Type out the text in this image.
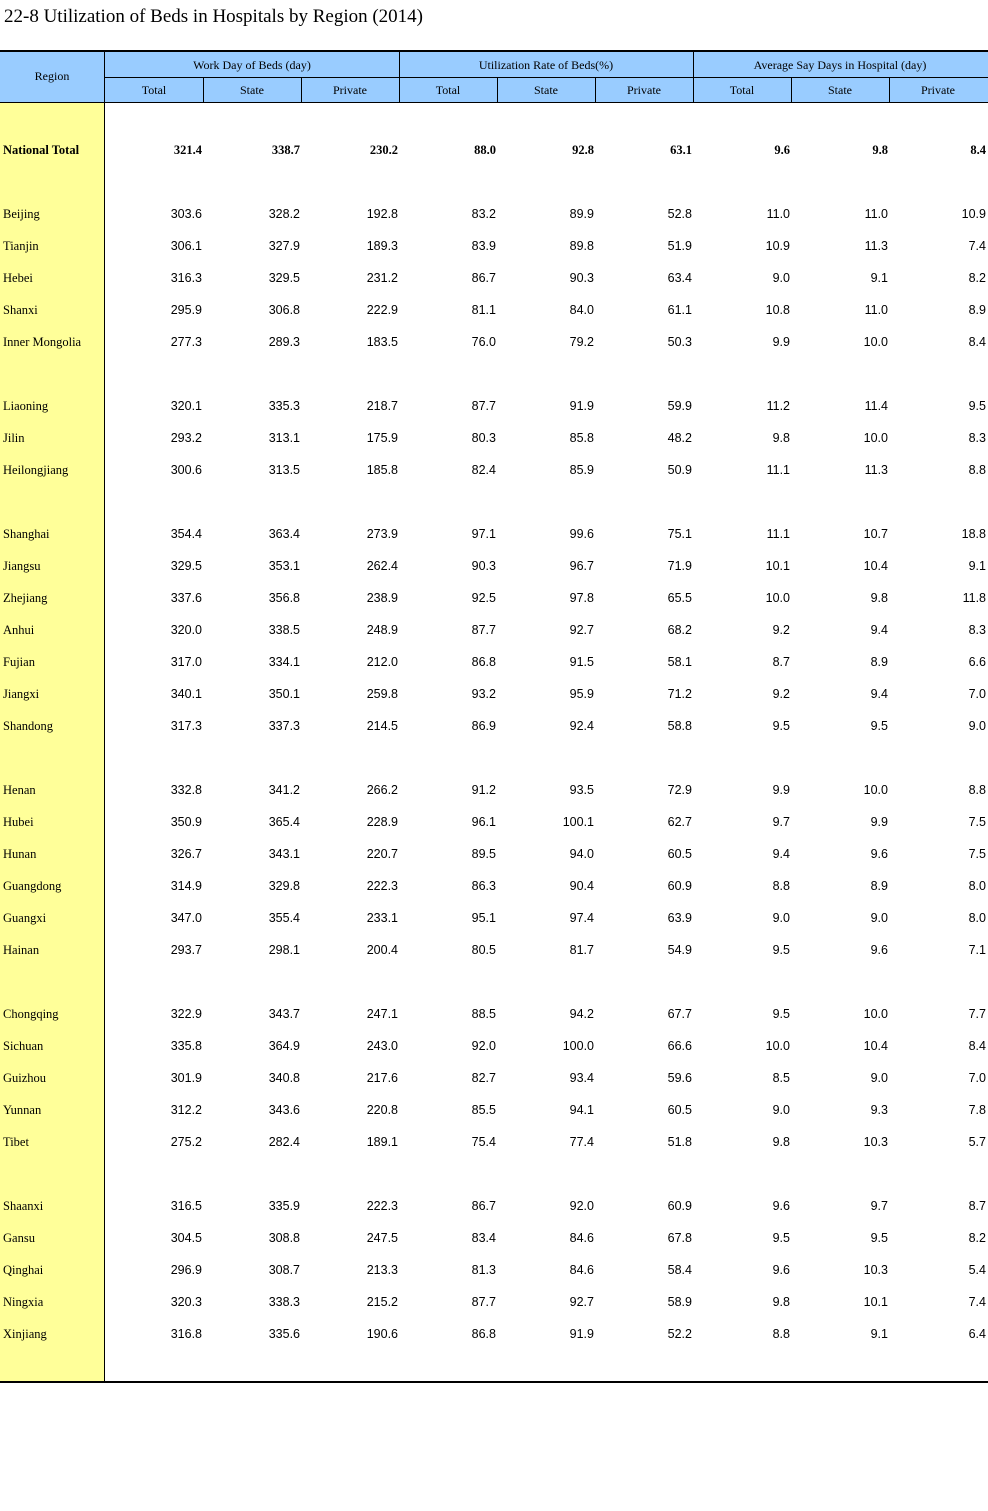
22-8 Utilization of Beds in Hospitals by Region (2014)
Region
Work Day of Beds (day)	Utilization Rate of Beds(%)	Average Say Days in Hospital (day)
Total	State	Private	Total	State	Private	Total	State	Private
National Total	321.4	338.7	230.2	88.0	92.8	63.1	9.6	9.8	8.4
Beijing	303.6	328.2	192.8	83.2	89.9	52.8	11.0	11.0	10.9
Tianjin	306.1	327.9	189.3	83.9	89.8	51.9	10.9	11.3	7.4
Hebei	316.3	329.5	231.2	86.7	90.3	63.4	9.0	9.1	8.2
Shanxi	295.9	306.8	222.9	81.1	84.0	61.1	10.8	11.0	8.9
Inner Mongolia	277.3	289.3	183.5	76.0	79.2	50.3	9.9	10.0	8.4
Liaoning	320.1	335.3	218.7	87.7	91.9	59.9	11.2	11.4	9.5
Jilin	293.2	313.1	175.9	80.3	85.8	48.2	9.8	10.0	8.3
Heilongjiang	300.6	313.5	185.8	82.4	85.9	50.9	11.1	11.3	8.8
Shanghai	354.4	363.4	273.9	97.1	99.6	75.1	11.1	10.7	18.8
Jiangsu	329.5	353.1	262.4	90.3	96.7	71.9	10.1	10.4	9.1
Zhejiang	337.6	356.8	238.9	92.5	97.8	65.5	10.0	9.8	11.8
Anhui	320.0	338.5	248.9	87.7	92.7	68.2	9.2	9.4	8.3
Fujian	317.0	334.1	212.0	86.8	91.5	58.1	8.7	8.9	6.6
Jiangxi	340.1	350.1	259.8	93.2	95.9	71.2	9.2	9.4	7.0
Shandong	317.3	337.3	214.5	86.9	92.4	58.8	9.5	9.5	9.0
Henan	332.8	341.2	266.2	91.2	93.5	72.9	9.9	10.0	8.8
Hubei	350.9	365.4	228.9	96.1	100.1	62.7	9.7	9.9	7.5
Hunan	326.7	343.1	220.7	89.5	94.0	60.5	9.4	9.6	7.5
Guangdong	314.9	329.8	222.3	86.3	90.4	60.9	8.8	8.9	8.0
Guangxi	347.0	355.4	233.1	95.1	97.4	63.9	9.0	9.0	8.0
Hainan	293.7	298.1	200.4	80.5	81.7	54.9	9.5	9.6	7.1
Chongqing	322.9	343.7	247.1	88.5	94.2	67.7	9.5	10.0	7.7
Sichuan	335.8	364.9	243.0	92.0	100.0	66.6	10.0	10.4	8.4
Guizhou	301.9	340.8	217.6	82.7	93.4	59.6	8.5	9.0	7.0
Yunnan	312.2	343.6	220.8	85.5	94.1	60.5	9.0	9.3	7.8
Tibet	275.2	282.4	189.1	75.4	77.4	51.8	9.8	10.3	5.7
Shaanxi	316.5	335.9	222.3	86.7	92.0	60.9	9.6	9.7	8.7
Gansu	304.5	308.8	247.5	83.4	84.6	67.8	9.5	9.5	8.2
Qinghai	296.9	308.7	213.3	81.3	84.6	58.4	9.6	10.3	5.4
Ningxia	320.3	338.3	215.2	87.7	92.7	58.9	9.8	10.1	7.4
Xinjiang	316.8	335.6	190.6	86.8	91.9	52.2	8.8	9.1	6.4
